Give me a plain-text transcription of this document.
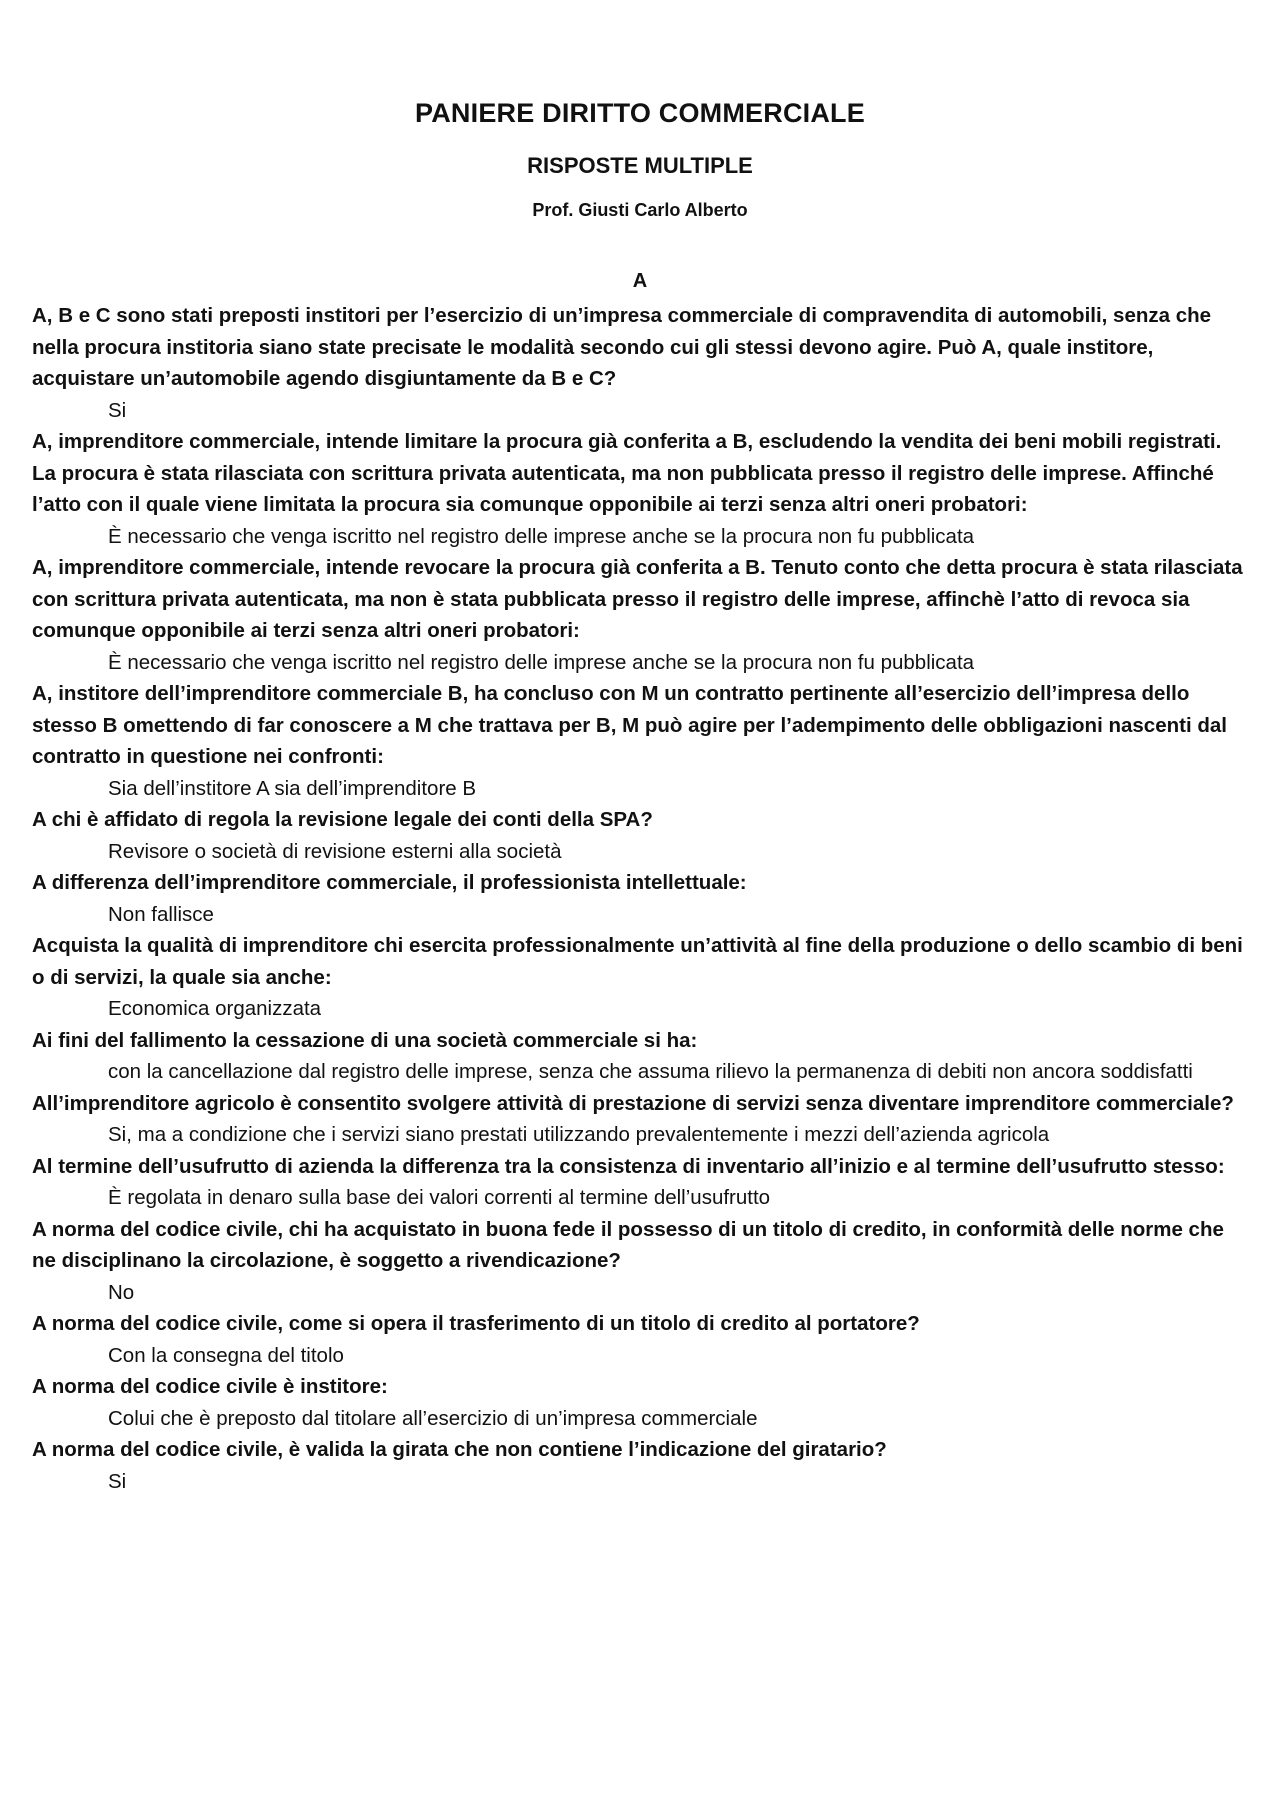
PANIERE DIRITTO COMMERCIALE
RISPOSTE MULTIPLE
Prof. Giusti Carlo Alberto
A

A, B e C sono stati preposti institori per l’esercizio di un’impresa commerciale di compravendita di automobili, senza che nella procura institoria siano state precisate le modalità secondo cui gli stessi devono agire. Può A, quale institore, acquistare un’automobile agendo disgiuntamente da B e C?

Si

A, imprenditore commerciale, intende limitare la procura già conferita a B, escludendo la vendita dei beni mobili registrati. La procura è stata rilasciata con scrittura privata autenticata, ma non pubblicata presso il registro delle imprese. Affinché l’atto con il quale viene limitata la procura sia comunque opponibile ai terzi senza altri oneri probatori:

È necessario che venga iscritto nel registro delle imprese anche se la procura non fu pubblicata

A, imprenditore commerciale, intende revocare la procura già conferita a B. Tenuto conto che detta procura è stata rilasciata con scrittura privata autenticata, ma non è stata pubblicata presso il registro delle imprese, affinchè l’atto di revoca sia comunque opponibile ai terzi senza altri oneri probatori:

È necessario che venga iscritto nel registro delle imprese anche se la procura non fu pubblicata

A, institore dell’imprenditore commerciale B, ha concluso con M un contratto pertinente all’esercizio dell’impresa dello stesso B omettendo di far conoscere a M che trattava per B, M può agire per l’adempimento delle obbligazioni nascenti dal contratto in questione nei confronti:

Sia dell’institore A sia dell’imprenditore B

A chi è affidato di regola la revisione legale dei conti della SPA?

Revisore o società di revisione esterni alla società

A differenza dell’imprenditore commerciale, il professionista intellettuale:

Non fallisce

Acquista la qualità di imprenditore chi esercita professionalmente un’attività al fine della produzione o dello scambio di beni o di servizi, la quale sia anche:

Economica organizzata

Ai fini del fallimento la cessazione di una società commerciale si ha:

con la cancellazione dal registro delle imprese, senza che assuma rilievo la permanenza di debiti non ancora soddisfatti

All’imprenditore agricolo è consentito svolgere attività di prestazione di servizi senza diventare imprenditore commerciale?

Si, ma a condizione che i servizi siano prestati utilizzando prevalentemente i mezzi dell’azienda agricola

Al termine dell’usufrutto di azienda la differenza tra la consistenza di inventario all’inizio e al termine dell’usufrutto stesso:

È regolata in denaro sulla base dei valori correnti al termine dell’usufrutto

A norma del codice civile, chi ha acquistato in buona fede il possesso di un titolo di credito, in conformità delle norme che ne disciplinano la circolazione, è soggetto a rivendicazione?

No

A norma del codice civile, come si opera il trasferimento di un titolo di credito al portatore?

Con la consegna del titolo

A norma del codice civile è institore:

Colui che è preposto dal titolare all’esercizio di un’impresa commerciale

A norma del codice civile, è valida la girata che non contiene l’indicazione del giratario?

Si
